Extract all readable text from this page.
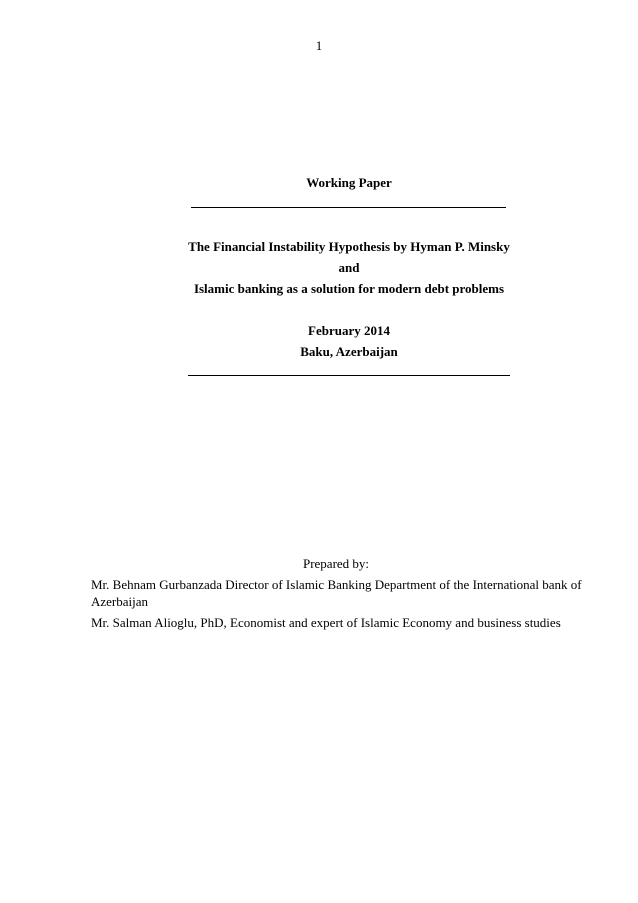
1
Working Paper
The Financial Instability Hypothesis by Hyman P. Minsky
and
Islamic banking as a solution for modern debt problems
February 2014
Baku, Azerbaijan
Prepared by:
Mr. Behnam Gurbanzada Director of Islamic Banking Department of the International bank of Azerbaijan
Mr. Salman Alioglu, PhD, Economist and expert of Islamic Economy and business studies
